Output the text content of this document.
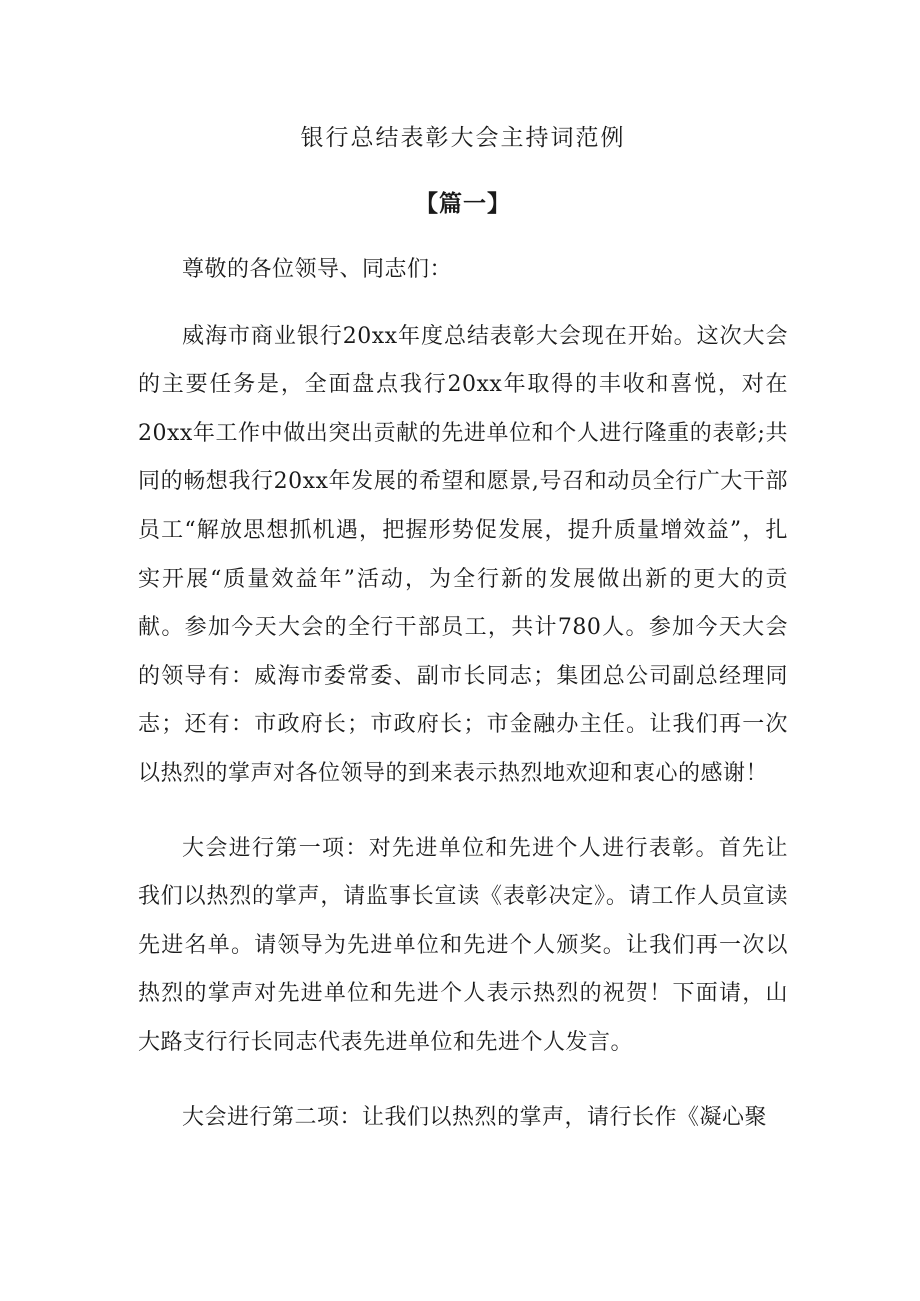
银行总结表彰大会主持词范例
【篇一】

尊敬的各位领导、同志们：

威海市商业银行20xx年度总结表彰大会现在开始。这次大会的主要任务是，全面盘点我行20xx年取得的丰收和喜悦，对在20xx年工作中做出突出贡献的先进单位和个人进行隆重的表彰;共同的畅想我行20xx年发展的希望和愿景,号召和动员全行广大干部员工“解放思想抓机遇，把握形势促发展，提升质量增效益”，扎实开展“质量效益年”活动，为全行新的发展做出新的更大的贡献。参加今天大会的全行干部员工，共计780人。参加今天大会的领导有：威海市委常委、副市长同志；集团总公司副总经理同志；还有：市政府长；市政府长；市金融办主任。让我们再一次以热烈的掌声对各位领导的到来表示热烈地欢迎和衷心的感谢！

大会进行第一项：对先进单位和先进个人进行表彰。首先让我们以热烈的掌声，请监事长宣读《表彰决定》。请工作人员宣读先进名单。请领导为先进单位和先进个人颁奖。让我们再一次以热烈的掌声对先进单位和先进个人表示热烈的祝贺！下面请，山大路支行行长同志代表先进单位和先进个人发言。

大会进行第二项：让我们以热烈的掌声，请行长作《凝心聚
